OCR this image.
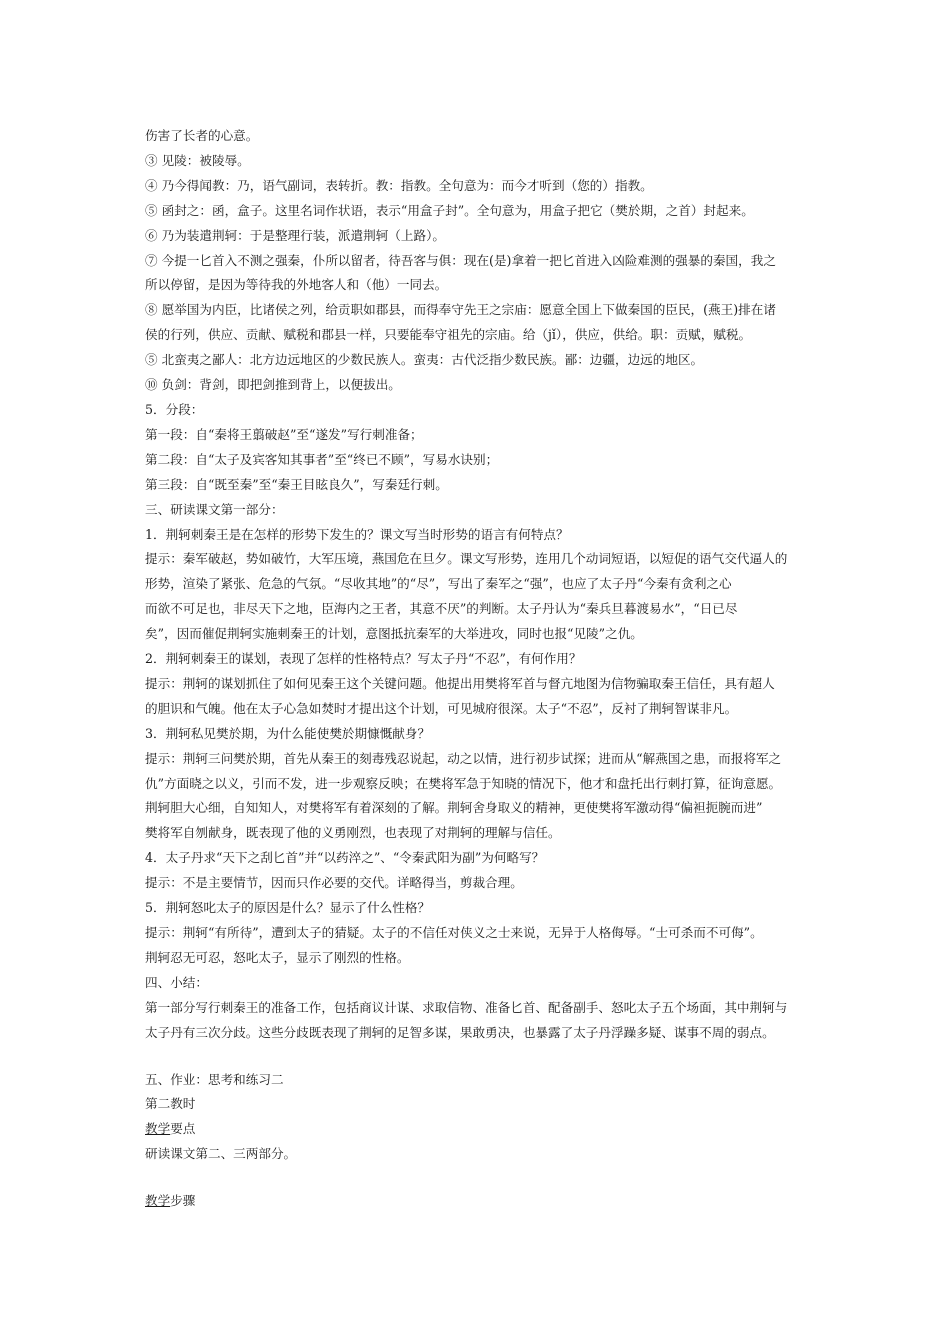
伤害了长者的心意。
③ 见陵：被陵辱。
④ 乃今得闻教：乃，语气副词，表转折。教：指教。全句意为：而今才听到（您的）指教。
⑤ 函封之：函，盒子。这里名词作状语，表示“用盒子封”。全句意为，用盒子把它（樊於期，之首）封起来。
⑥ 乃为装遣荆轲：于是整理行装，派遣荆轲（上路）。
⑦ 今提一匕首入不测之强秦，仆所以留者，待吾客与俱：现在(是)拿着一把匕首进入凶险难测的强暴的秦国，我之
所以停留，是因为等待我的外地客人和（他）一同去。
⑧ 愿举国为内臣，比诸侯之列，给贡职如郡县，而得奉守先王之宗庙：愿意全国上下做秦国的臣民，(燕王)排在诸
侯的行列，供应、贡献、赋税和郡县一样，只要能奉守祖先的宗庙。给（jǐ），供应，供给。职：贡赋，赋税。
⑤ 北蛮夷之鄙人：北方边远地区的少数民族人。蛮夷：古代泛指少数民族。鄙：边疆，边远的地区。
⑩ 负剑：背剑，即把剑推到背上，以便拔出。
5．分段：
第一段：自“秦将王翦破赵”至“遂发”写行刺准备；
第二段：自“太子及宾客知其事者”至“终已不顾”，写易水诀别；
第三段：自“既至秦”至“秦王目眩良久”，写秦廷行刺。
三、研读课文第一部分：
1．荆轲刺秦王是在怎样的形势下发生的？课文写当时形势的语言有何特点？
提示：秦军破赵，势如破竹，大军压境，燕国危在旦夕。课文写形势，连用几个动词短语，以短促的语气交代逼人的
形势，渲染了紧张、危急的气氛。“尽收其地”的“尽”，写出了秦军之“强”，也应了太子丹“今秦有贪利之心
而欲不可足也，非尽天下之地，臣海内之王者，其意不厌”的判断。太子丹认为“秦兵旦暮渡易水”，“日已尽
矣”，因而催促荆轲实施刺秦王的计划，意图抵抗秦军的大举进攻，同时也报“见陵”之仇。
2．荆轲刺秦王的谋划，表现了怎样的性格特点？写太子丹“不忍”，有何作用？
提示：荆轲的谋划抓住了如何见秦王这个关键问题。他提出用樊将军首与督亢地图为信物骗取秦王信任，具有超人
的胆识和气魄。他在太子心急如焚时才提出这个计划，可见城府很深。太子“不忍”，反衬了荆轲智谋非凡。
3．荆轲私见樊於期，为什么能使樊於期慷慨献身？
提示：荆轲三问樊於期，首先从秦王的刻毒残忍说起，动之以情，进行初步试探；进而从“解燕国之患，而报将军之
仇”方面晓之以义，引而不发，进一步观察反映；在樊将军急于知晓的情况下，他才和盘托出行刺打算，征询意愿。
荆轲胆大心细，自知知人，对樊将军有着深刻的了解。荆轲舍身取义的精神，更使樊将军激动得“偏袒扼腕而进”
樊将军自刎献身，既表现了他的义勇刚烈，也表现了对荆轲的理解与信任。
4．太子丹求“天下之刮匕首”并“以药淬之”、“令秦武阳为副”为何略写？
提示：不是主要情节，因而只作必要的交代。详略得当，剪裁合理。
5．荆轲怒叱太子的原因是什么？显示了什么性格？
提示：荆轲“有所待”，遭到太子的猜疑。太子的不信任对侠义之士来说，无异于人格侮辱。“士可杀而不可侮”。
荆轲忍无可忍，怒叱太子，显示了刚烈的性格。
四、小结：
第一部分写行刺秦王的准备工作，包括商议计谋、求取信物、准备匕首、配备副手、怒叱太子五个场面，其中荆轲与
太子丹有三次分歧。这些分歧既表现了荆轲的足智多谋，果敢勇决，也暴露了太子丹浮躁多疑、谋事不周的弱点。
五、作业：思考和练习二
第二教时
教学要点
研读课文第二、三两部分。
教学步骤
